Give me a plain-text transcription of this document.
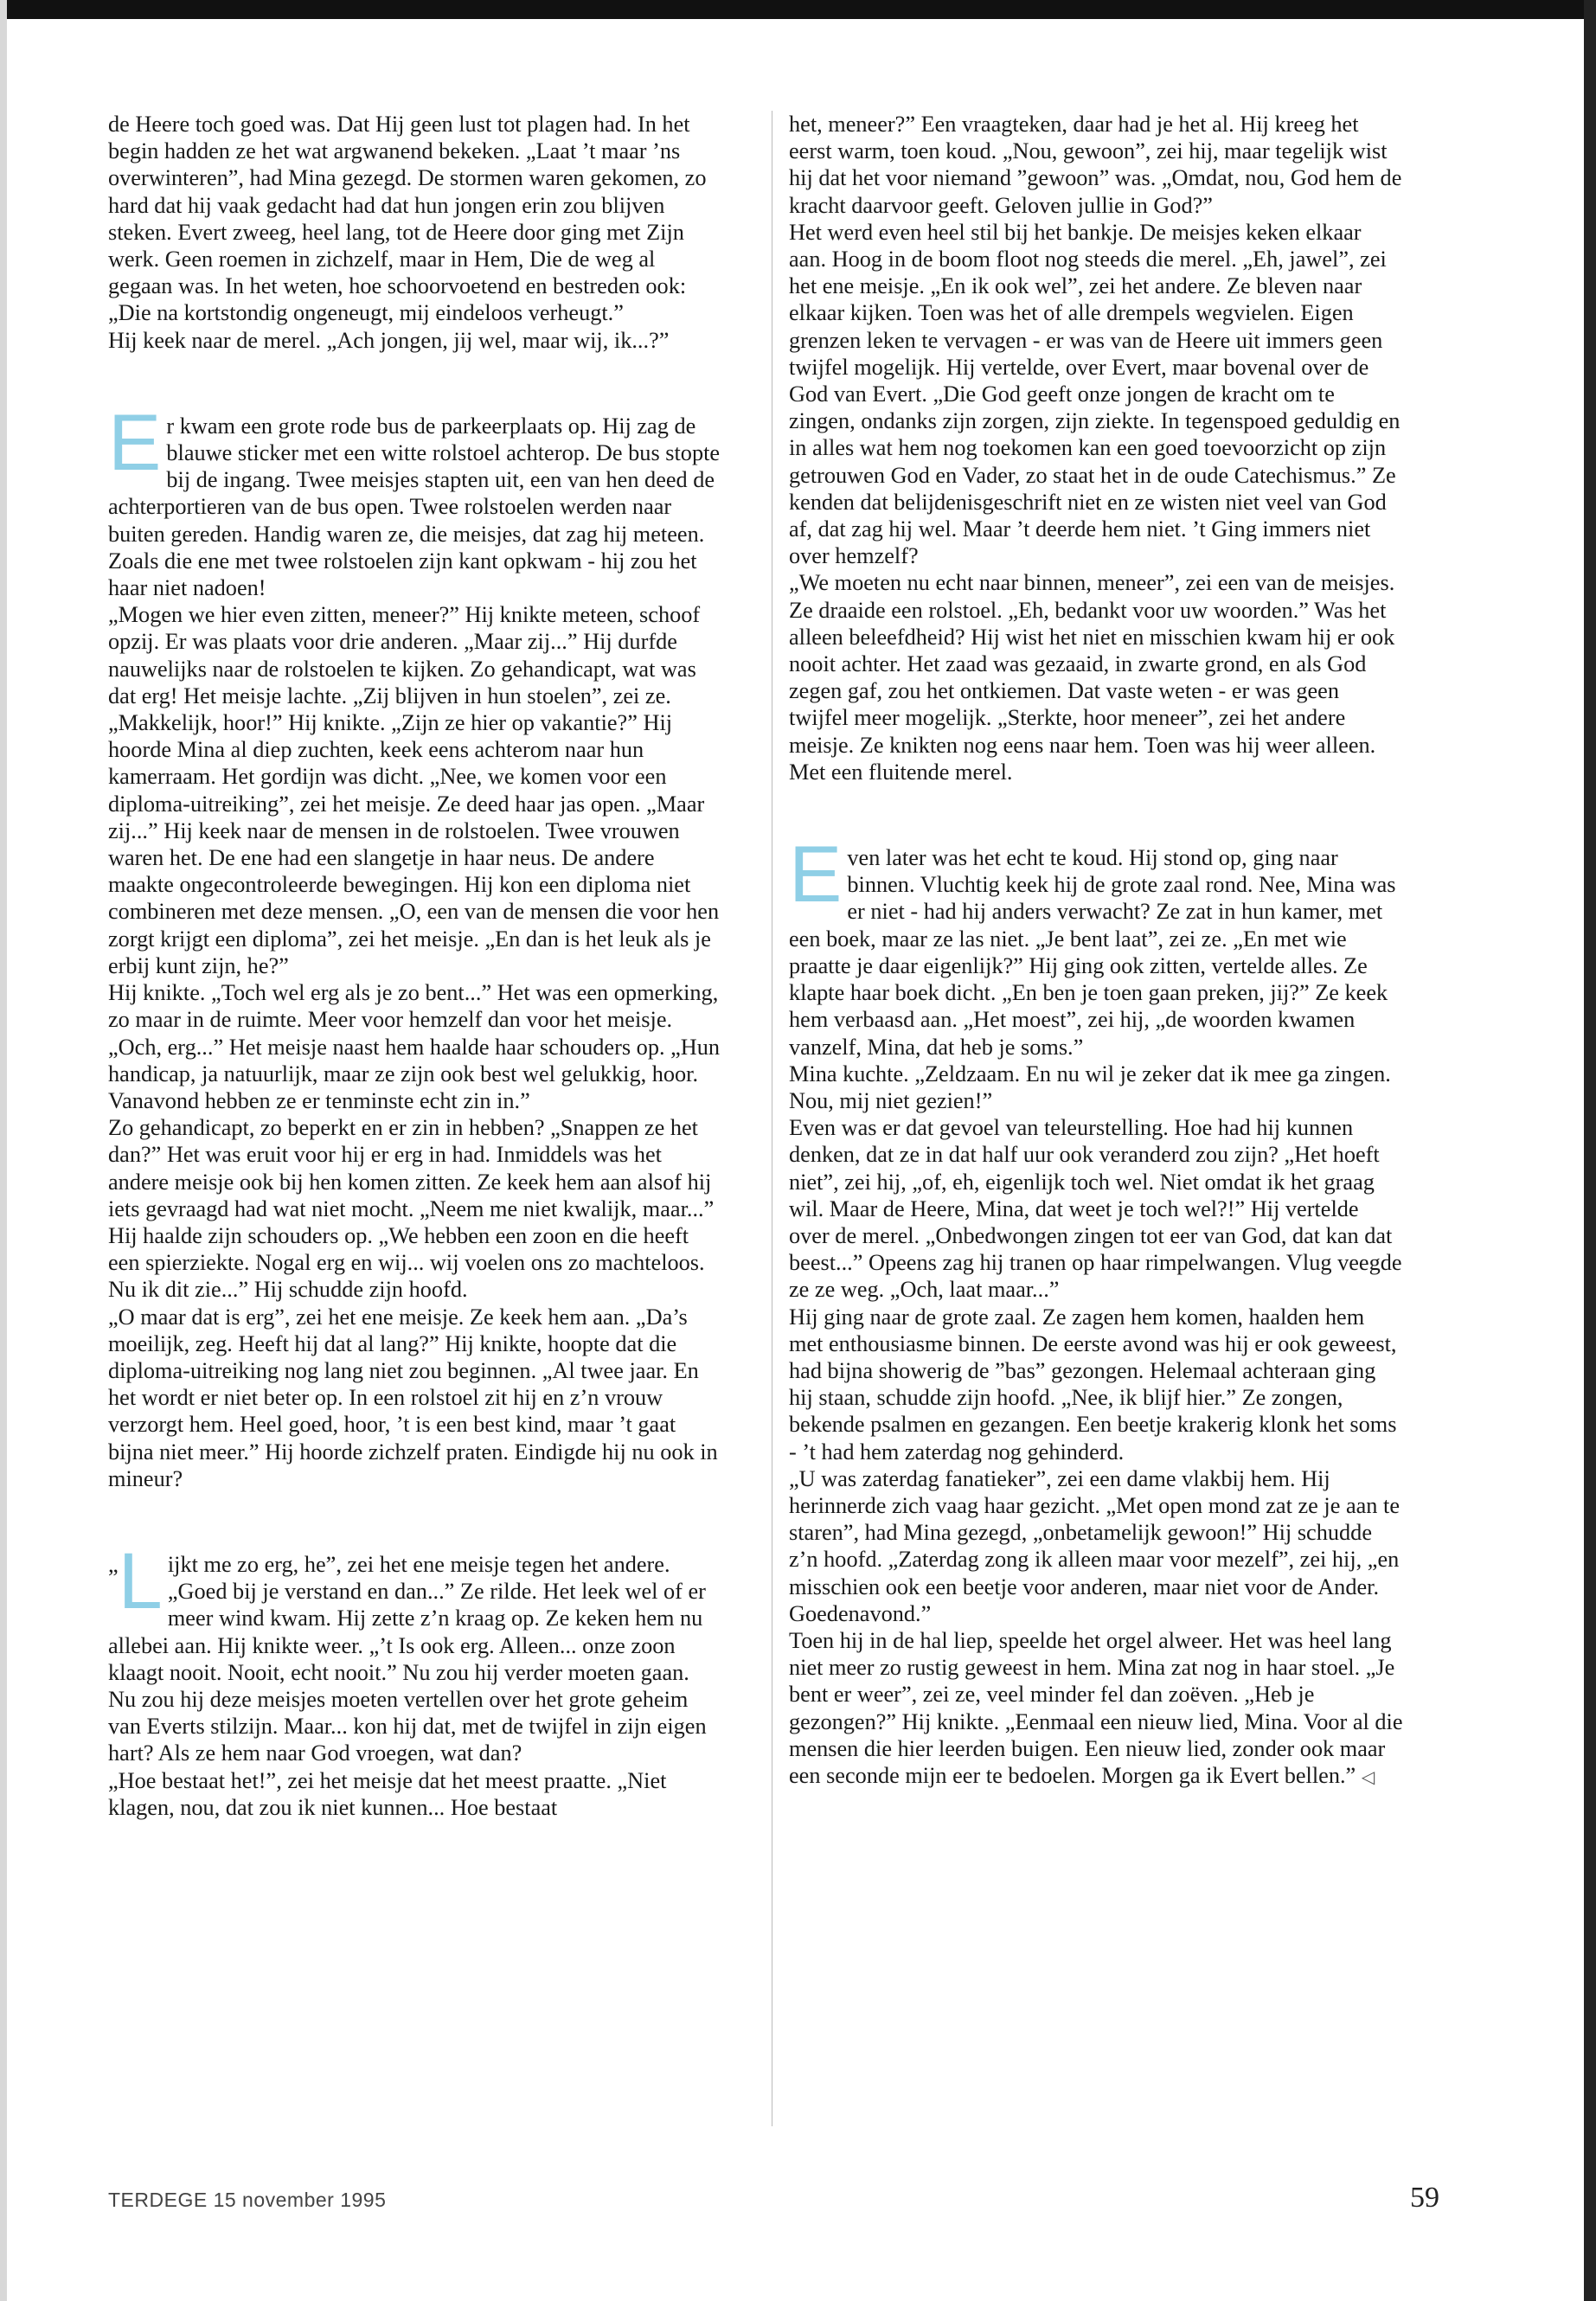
de Heere toch goed was. Dat Hij geen lust tot plagen had. In het begin hadden ze het wat argwanend bekeken. „Laat ’t maar ’ns overwinteren”, had Mina gezegd. De stormen waren gekomen, zo hard dat hij vaak gedacht had dat hun jongen erin zou blijven steken. Evert zweeg, heel lang, tot de Heere door ging met Zijn werk. Geen roemen in zichzelf, maar in Hem, Die de weg al gegaan was. In het weten, hoe schoorvoetend en bestreden ook: „Die na kortstondig ongeneugt, mij eindeloos verheugt.”

Hij keek naar de merel. „Ach jongen, jij wel, maar wij, ik...?”

E r kwam een grote rode bus de parkeerplaats op. Hij zag de blauwe sticker met een witte rolstoel achterop. De bus stopte bij de ingang. Twee meisjes stapten uit, een van hen deed de achterportieren van de bus open. Twee rolstoelen werden naar buiten gereden. Handig waren ze, die meisjes, dat zag hij meteen. Zoals die ene met twee rolstoelen zijn kant opkwam - hij zou het haar niet nadoen!

„Mogen we hier even zitten, meneer?” Hij knikte meteen, schoof opzij. Er was plaats voor drie anderen. „Maar zij...” Hij durfde nauwelijks naar de rolstoelen te kijken. Zo gehandicapt, wat was dat erg! Het meisje lachte. „Zij blijven in hun stoelen”, zei ze. „Makkelijk, hoor!” Hij knikte. „Zijn ze hier op vakantie?” Hij hoorde Mina al diep zuchten, keek eens achterom naar hun kamerraam. Het gordijn was dicht. „Nee, we komen voor een diploma-uitreiking”, zei het meisje. Ze deed haar jas open. „Maar zij...” Hij keek naar de mensen in de rolstoelen. Twee vrouwen waren het. De ene had een slangetje in haar neus. De andere maakte ongecontroleerde bewegingen. Hij kon een diploma niet combineren met deze mensen. „O, een van de mensen die voor hen zorgt krijgt een diploma”, zei het meisje. „En dan is het leuk als je erbij kunt zijn, he?”

Hij knikte. „Toch wel erg als je zo bent...” Het was een opmerking, zo maar in de ruimte. Meer voor hemzelf dan voor het meisje. „Och, erg...” Het meisje naast hem haalde haar schouders op. „Hun handicap, ja natuurlijk, maar ze zijn ook best wel gelukkig, hoor. Vanavond hebben ze er tenminste echt zin in.”

Zo gehandicapt, zo beperkt en er zin in hebben? „Snappen ze het dan?” Het was eruit voor hij er erg in had. Inmiddels was het andere meisje ook bij hen komen zitten. Ze keek hem aan alsof hij iets gevraagd had wat niet mocht. „Neem me niet kwalijk, maar...” Hij haalde zijn schouders op. „We hebben een zoon en die heeft een spierziekte. Nogal erg en wij... wij voelen ons zo machteloos. Nu ik dit zie...” Hij schudde zijn hoofd.

„O maar dat is erg”, zei het ene meisje. Ze keek hem aan. „Da’s moeilijk, zeg. Heeft hij dat al lang?” Hij knikte, hoopte dat die diploma-uitreiking nog lang niet zou beginnen. „Al twee jaar. En het wordt er niet beter op. In een rolstoel zit hij en z’n vrouw verzorgt hem. Heel goed, hoor, ’t is een best kind, maar ’t gaat bijna niet meer.” Hij hoorde zichzelf praten. Eindigde hij nu ook in mineur?

„ L ijkt me zo erg, he”, zei het ene meisje tegen het andere. „Goed bij je verstand en dan...” Ze rilde. Het leek wel of er meer wind kwam. Hij zette z’n kraag op. Ze keken hem nu allebei aan. Hij knikte weer. „’t Is ook erg. Alleen... onze zoon klaagt nooit. Nooit, echt nooit.” Nu zou hij verder moeten gaan. Nu zou hij deze meisjes moeten vertellen over het grote geheim van Everts stilzijn. Maar... kon hij dat, met de twijfel in zijn eigen hart? Als ze hem naar God vroegen, wat dan?

„Hoe bestaat het!”, zei het meisje dat het meest praatte. „Niet klagen, nou, dat zou ik niet kunnen... Hoe bestaat

het, meneer?” Een vraagteken, daar had je het al. Hij kreeg het eerst warm, toen koud. „Nou, gewoon”, zei hij, maar tegelijk wist hij dat het voor niemand ”gewoon” was. „Omdat, nou, God hem de kracht daarvoor geeft. Geloven jullie in God?”

Het werd even heel stil bij het bankje. De meisjes keken elkaar aan. Hoog in de boom floot nog steeds die merel. „Eh, jawel”, zei het ene meisje. „En ik ook wel”, zei het andere. Ze bleven naar elkaar kijken. Toen was het of alle drempels wegvielen. Eigen grenzen leken te vervagen - er was van de Heere uit immers geen twijfel mogelijk. Hij vertelde, over Evert, maar bovenal over de God van Evert. „Die God geeft onze jongen de kracht om te zingen, ondanks zijn zorgen, zijn ziekte. In tegenspoed geduldig en in alles wat hem nog toekomen kan een goed toevoorzicht op zijn getrouwen God en Vader, zo staat het in de oude Catechismus.” Ze kenden dat belijdenisgeschrift niet en ze wisten niet veel van God af, dat zag hij wel. Maar ’t deerde hem niet. ’t Ging immers niet over hemzelf?

„We moeten nu echt naar binnen, meneer”, zei een van de meisjes. Ze draaide een rolstoel. „Eh, bedankt voor uw woorden.” Was het alleen beleefdheid? Hij wist het niet en misschien kwam hij er ook nooit achter. Het zaad was gezaaid, in zwarte grond, en als God zegen gaf, zou het ontkiemen. Dat vaste weten - er was geen twijfel meer mogelijk. „Sterkte, hoor meneer”, zei het andere meisje. Ze knikten nog eens naar hem. Toen was hij weer alleen. Met een fluitende merel.

E ven later was het echt te koud. Hij stond op, ging naar binnen. Vluchtig keek hij de grote zaal rond. Nee, Mina was er niet - had hij anders verwacht? Ze zat in hun kamer, met een boek, maar ze las niet. „Je bent laat”, zei ze. „En met wie praatte je daar eigenlijk?” Hij ging ook zitten, vertelde alles. Ze klapte haar boek dicht. „En ben je toen gaan preken, jij?” Ze keek hem verbaasd aan. „Het moest”, zei hij, „de woorden kwamen vanzelf, Mina, dat heb je soms.”

Mina kuchte. „Zeldzaam. En nu wil je zeker dat ik mee ga zingen. Nou, mij niet gezien!”

Even was er dat gevoel van teleurstelling. Hoe had hij kunnen denken, dat ze in dat half uur ook veranderd zou zijn? „Het hoeft niet”, zei hij, „of, eh, eigenlijk toch wel. Niet omdat ik het graag wil. Maar de Heere, Mina, dat weet je toch wel?!” Hij vertelde over de merel. „Onbedwongen zingen tot eer van God, dat kan dat beest...” Opeens zag hij tranen op haar rimpelwangen. Vlug veegde ze ze weg. „Och, laat maar...”

Hij ging naar de grote zaal. Ze zagen hem komen, haalden hem met enthousiasme binnen. De eerste avond was hij er ook geweest, had bijna showerig de ”bas” gezongen. Helemaal achteraan ging hij staan, schudde zijn hoofd. „Nee, ik blijf hier.” Ze zongen, bekende psalmen en gezangen. Een beetje krakerig klonk het soms - ’t had hem zaterdag nog gehinderd.

„U was zaterdag fanatieker”, zei een dame vlakbij hem. Hij herinnerde zich vaag haar gezicht. „Met open mond zat ze je aan te staren”, had Mina gezegd, „onbetamelijk gewoon!” Hij schudde z’n hoofd. „Zaterdag zong ik alleen maar voor mezelf”, zei hij, „en misschien ook een beetje voor anderen, maar niet voor de Ander. Goedenavond.”

Toen hij in de hal liep, speelde het orgel alweer. Het was heel lang niet meer zo rustig geweest in hem. Mina zat nog in haar stoel. „Je bent er weer”, zei ze, veel minder fel dan zoëven. „Heb je gezongen?” Hij knikte. „Eenmaal een nieuw lied, Mina. Voor al die mensen die hier leerden buigen. Een nieuw lied, zonder ook maar een seconde mijn eer te bedoelen. Morgen ga ik Evert bellen.” ◁

TERDEGE 15 november 1995	59
